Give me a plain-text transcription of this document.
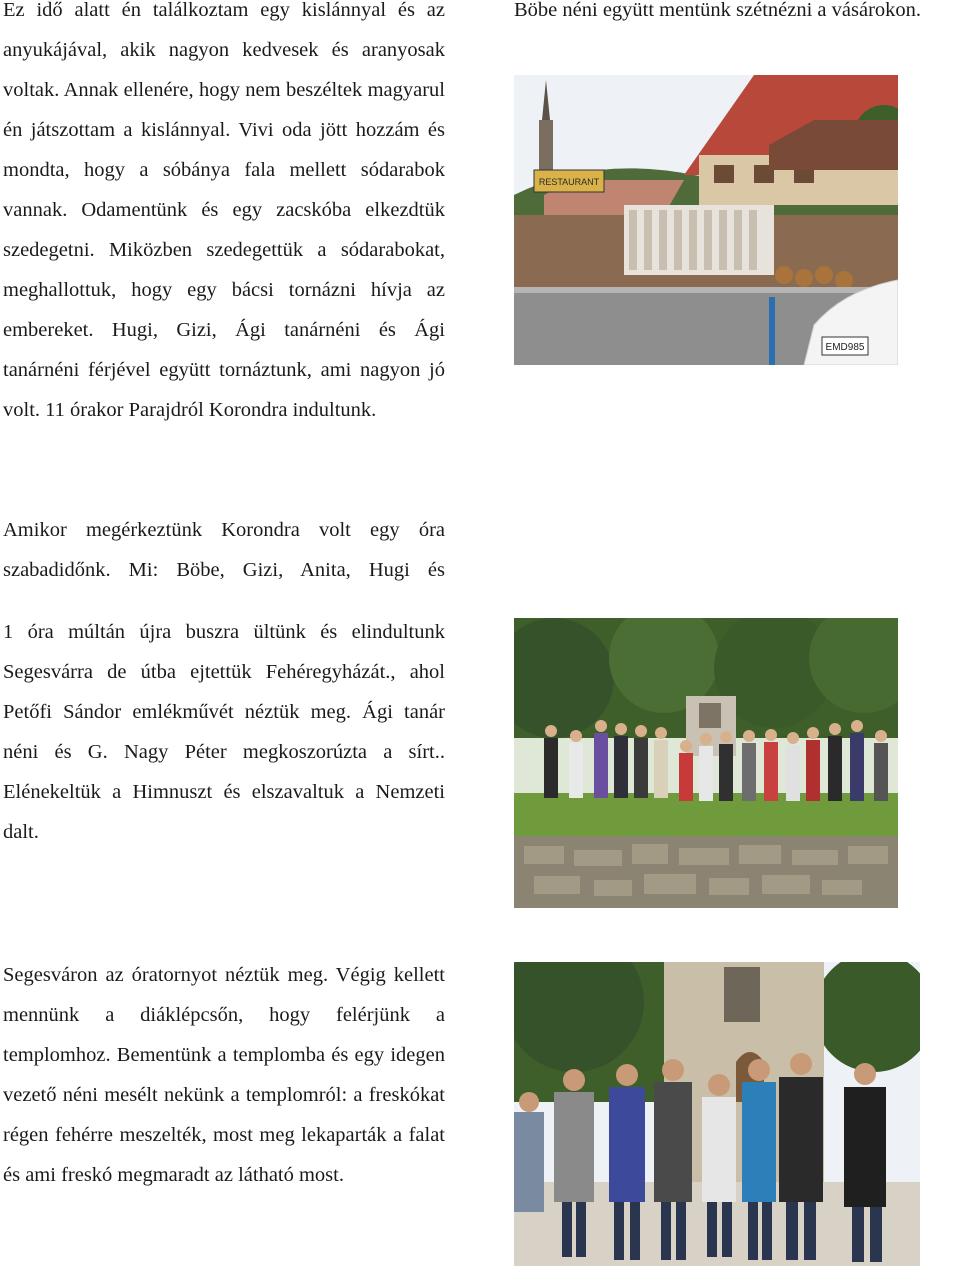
Ez idő alatt én találkoztam egy kislánnyal és az anyukájával, akik nagyon kedvesek és aranyosak voltak. Annak ellenére, hogy nem beszéltek magyarul én játszottam a kislánnyal. Vivi oda jött hozzám és mondta, hogy a sóbánya fala mellett sódarabok vannak. Odamentünk és egy zacskóba elkezdtük szedegetni. Miközben szedegettük a sódarabokat, meghallottuk, hogy egy bácsi tornázni hívja az embereket. Hugi, Gizi, Ági tanárnéni és Ági tanárnéni férjével együtt tornáztunk, ami nagyon jó volt. 11 órakor Parajdról Korondra indultunk.

Amikor megérkeztünk Korondra volt egy óra szabadidőnk. Mi: Böbe, Gizi, Anita, Hugi és

1 óra múltán újra buszra ültünk és elindultunk Segesvárra de útba ejtettük Fehéregyházát., ahol Petőfi Sándor emlékművét néztük meg. Ági tanár néni és G. Nagy Péter megkoszorúzta a sírt.. Elénekeltük a Himnuszt és elszavaltuk a Nemzeti dalt.

Segesváron az óratornyot néztük meg. Végig kellett mennünk a diáklépcsőn, hogy felérjünk a templomhoz. Bementünk a templomba és egy idegen vezető néni mesélt nekünk a templomról: a freskókat régen fehérre meszelték, most meg lekaparták a falat és ami freskó megmaradt az látható most.

Böbe néni együtt mentünk szétnézni a vásárokon.

RESTAURANT
EMD985
